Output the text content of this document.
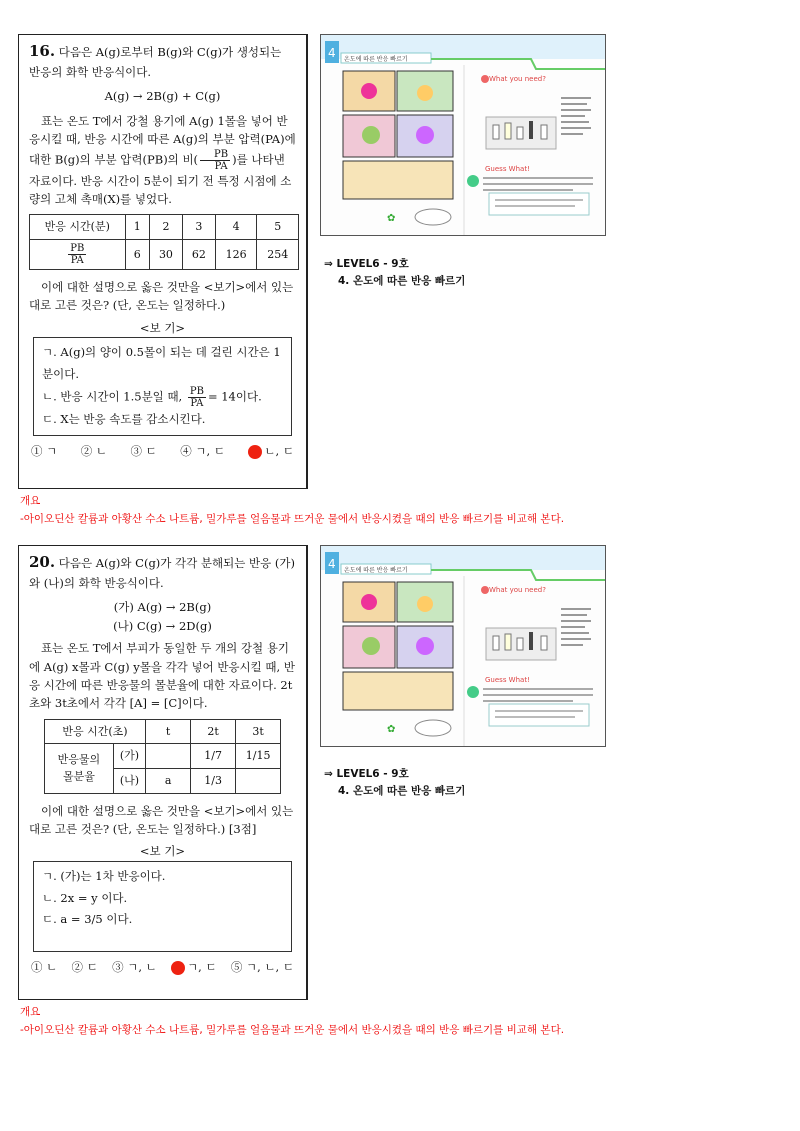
16. 다음은 A(g)로부터 B(g)와 C(g)가 생성되는 반응의 화학 반응식이다.

A(g) → 2B(g) + C(g)

표는 온도 T에서 강철 용기에 A(g) 1몰을 넣어 반응시킬 때, 반응 시간에 따른 A(g)의 부분 압력(PA)에 대한 B(g)의 부분 압력(PB)의 비( $\frac{PB}{PA}$ )를 나타낸 자료이다. 반응 시간이 5분이 되기 전 특정 시점에 소량의 고체 촉매(X)를 넣었다.

반응 시간(분)	1	2	3	4	5

$\frac{PB}{PA}$	6	30	62	126	254

이에 대한 설명으로 옳은 것만을 <보기>에서 있는 대로 고른 것은? (단, 온도는 일정하다.)

<보 기>
ㄱ. A(g)의 양이 0.5몰이 되는 데 걸린 시간은 1분이다.
ㄴ. 반응 시간이 1.5분일 때, $\frac{PB}{PA} = 14$이다.
ㄷ. X는 반응 속도를 감소시킨다.
① ㄱ ② ㄴ ③ ㄷ ④ ㄱ, ㄷ	ㄴ, ㄷ
4 온도에 따른 반응 빠르기
✿
What you need?
Guess What!
⇒ LEVEL6 - 9호
4. 온도에 따른 반응 빠르기
개요
-아이오딘산 칼륨과 아황산 수소 나트륨, 밀가루를 얼음물과 뜨거운 물에서 반응시켰을 때의 반응 빠르기를 비교해 본다.

20. 다음은 A(g)와 C(g)가 각각 분해되는 반응 (가)와 (나)의 화학 반응식이다.

(가) A(g) → 2B(g)

(나) C(g) → 2D(g)

표는 온도 T에서 부피가 동일한 두 개의 강철 용기에 A(g) x몰과 C(g) y몰을 각각 넣어 반응시킬 때, 반응 시간에 따른 반응물의 몰분율에 대한 자료이다. 2t초와 3t초에서 각각 [A] = [C]이다.

반응 시간(초)		t	2t	3t
반응물의 몰분율	(가)		1/7	1/15
	(나)	a	1/3	

이에 대한 설명으로 옳은 것만을 <보기>에서 있는 대로 고른 것은? (단, 온도는 일정하다.) [3점]

<보 기>
ㄱ. (가)는 1차 반응이다.
ㄴ. 2x = y 이다.
ㄷ. a = 3/5 이다.
① ㄴ ② ㄷ ③ ㄱ, ㄴ	ㄱ, ㄷ ⑤ ㄱ, ㄴ, ㄷ
4 온도에 따른 반응 빠르기
✿
What you need?
Guess What!
⇒ LEVEL6 - 9호
4. 온도에 따른 반응 빠르기
개요
-아이오딘산 칼륨과 아황산 수소 나트륨, 밀가루를 얼음물과 뜨거운 물에서 반응시켰을 때의 반응 빠르기를 비교해 본다.
